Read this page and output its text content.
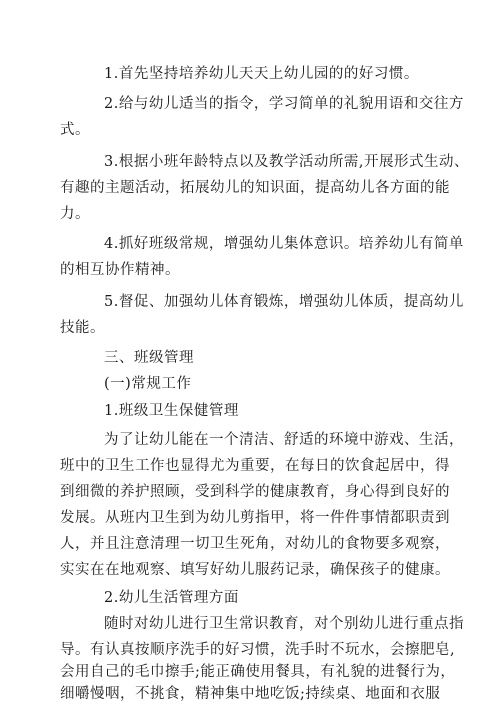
1.首先坚持培养幼儿天天上幼儿园的的好习惯。
2.给与幼儿适当的指令，学习简单的礼貌用语和交往方
式。
3.根据小班年龄特点以及教学活动所需,开展形式生动、
有趣的主题活动，拓展幼儿的知识面，提高幼儿各方面的能
力。
4.抓好班级常规，增强幼儿集体意识。培养幼儿有简单
的相互协作精神。
5.督促、加强幼儿体育锻炼，增强幼儿体质，提高幼儿
技能。
三、班级管理
(一)常规工作
1.班级卫生保健管理
为了让幼儿能在一个清洁、舒适的环境中游戏、生活，
班中的卫生工作也显得尤为重要，在每日的饮食起居中，得
到细微的养护照顾，受到科学的健康教育，身心得到良好的
发展。从班内卫生到为幼儿剪指甲，将一件件事情都职责到
人，并且注意清理一切卫生死角，对幼儿的食物要多观察，
实实在在地观察、填写好幼儿服药记录，确保孩子的健康。
2.幼儿生活管理方面
随时对幼儿进行卫生常识教育，对个别幼儿进行重点指
导。有认真按顺序洗手的好习惯，洗手时不玩水，会擦肥皂,
会用自己的毛巾擦手;能正确使用餐具，有礼貌的进餐行为，
细嚼慢咽，不挑食，精神集中地吃饭;持续桌、地面和衣服
